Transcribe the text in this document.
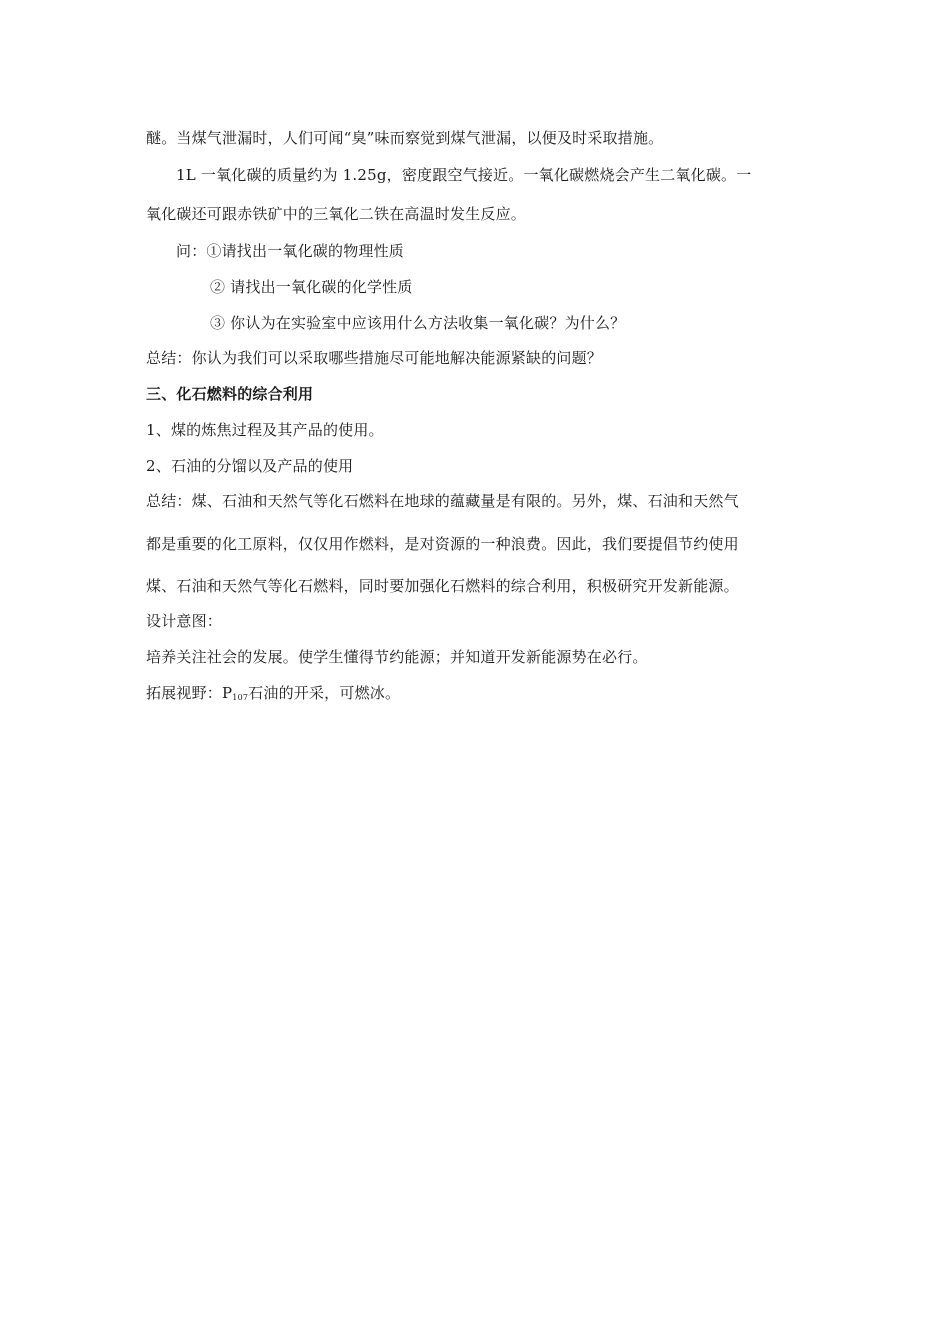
醚。当煤气泄漏时，人们可闻“臭”味而察觉到煤气泄漏，以便及时采取措施。
1L 一氧化碳的质量约为 1.25g，密度跟空气接近。一氧化碳燃烧会产生二氧化碳。一
氧化碳还可跟赤铁矿中的三氧化二铁在高温时发生反应。
问：①请找出一氧化碳的物理性质
② 请找出一氧化碳的化学性质
③ 你认为在实验室中应该用什么方法收集一氧化碳？为什么？
总结：你认为我们可以采取哪些措施尽可能地解决能源紧缺的问题？
三、化石燃料的综合利用
1、煤的炼焦过程及其产品的使用。
2、石油的分馏以及产品的使用
总结：煤、石油和天然气等化石燃料在地球的蕴藏量是有限的。另外，煤、石油和天然气
都是重要的化工原料，仅仅用作燃料，是对资源的一种浪费。因此，我们要提倡节约使用
煤、石油和天然气等化石燃料，同时要加强化石燃料的综合利用，积极研究开发新能源。
设计意图：
培养关注社会的发展。使学生懂得节约能源；并知道开发新能源势在必行。
拓展视野：$P_{107}$石油的开采，可燃冰。
